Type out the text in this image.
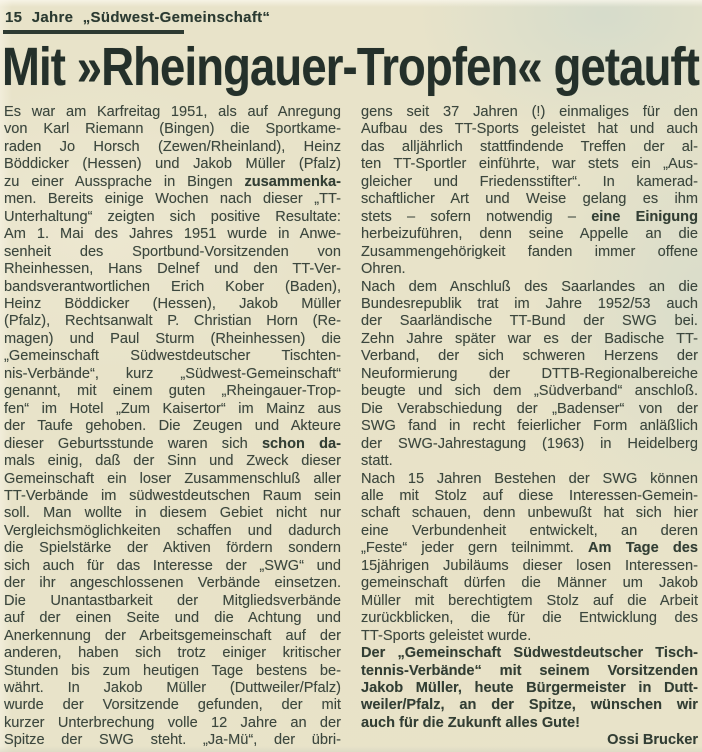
15 Jahre „Südwest-Gemeinschaft“
Mit »Rheingauer-Tropfen« getauft
Es war am Karfreitag 1951, als auf Anregung
von Karl Riemann (Bingen) die Sportkame-
raden Jo Horsch (Zewen/Rheinland), Heinz
Böddicker (Hessen) und Jakob Müller (Pfalz)
zu einer Aussprache in Bingen zusammenka-
men. Bereits einige Wochen nach dieser „TT-
Unterhaltung“ zeigten sich positive Resultate:
Am 1. Mai des Jahres 1951 wurde in Anwe-
senheit des Sportbund-Vorsitzenden von
Rheinhessen, Hans Delnef und den TT-Ver-
bandsverantwortlichen Erich Kober (Baden),
Heinz Böddicker (Hessen), Jakob Müller
(Pfalz), Rechtsanwalt P. Christian Horn (Re-
magen) und Paul Sturm (Rheinhessen) die
„Gemeinschaft Südwestdeutscher Tischten-
nis-Verbände“, kurz „Südwest-Gemeinschaft“
genannt, mit einem guten „Rheingauer-Trop-
fen“ im Hotel „Zum Kaisertor“ im Mainz aus
der Taufe gehoben. Die Zeugen und Akteure
dieser Geburtsstunde waren sich schon da-
mals einig, daß der Sinn und Zweck dieser
Gemeinschaft ein loser Zusammenschluß aller
TT-Verbände im südwestdeutschen Raum sein
soll. Man wollte in diesem Gebiet nicht nur
Vergleichsmöglichkeiten schaffen und dadurch
die Spielstärke der Aktiven fördern sondern
sich auch für das Interesse der „SWG“ und
der ihr angeschlossenen Verbände einsetzen.
Die Unantastbarkeit der Mitgliedsverbände
auf der einen Seite und die Achtung und
Anerkennung der Arbeitsgemeinschaft auf der
anderen, haben sich trotz einiger kritischer
Stunden bis zum heutigen Tage bestens be-
währt. In Jakob Müller (Duttweiler/Pfalz)
wurde der Vorsitzende gefunden, der mit
kurzer Unterbrechung volle 12 Jahre an der
Spitze der SWG steht. „Ja-Mü“, der übri-
gens seit 37 Jahren (!) einmaliges für den
Aufbau des TT-Sports geleistet hat und auch
das alljährlich stattfindende Treffen der al-
ten TT-Sportler einführte, war stets ein „Aus-
gleicher und Friedensstifter“. In kamerad-
schaftlicher Art und Weise gelang es ihm
stets – sofern notwendig – eine Einigung
herbeizuführen, denn seine Appelle an die
Zusammengehörigkeit fanden immer offene
Ohren.
Nach dem Anschluß des Saarlandes an die
Bundesrepublik trat im Jahre 1952/53 auch
der Saarländische TT-Bund der SWG bei.
Zehn Jahre später war es der Badische TT-
Verband, der sich schweren Herzens der
Neuformierung der DTTB-Regionalbereiche
beugte und sich dem „Südverband“ anschloß.
Die Verabschiedung der „Badenser“ von der
SWG fand in recht feierlicher Form anläßlich
der SWG-Jahrestagung (1963) in Heidelberg
statt.
Nach 15 Jahren Bestehen der SWG können
alle mit Stolz auf diese Interessen-Gemein-
schaft schauen, denn unbewußt hat sich hier
eine Verbundenheit entwickelt, an deren
„Feste“ jeder gern teilnimmt. Am Tage des
15jährigen Jubiläums dieser losen Interessen-
gemeinschaft dürfen die Männer um Jakob
Müller mit berechtigtem Stolz auf die Arbeit
zurückblicken, die für die Entwicklung des
TT-Sports geleistet wurde.
Der „Gemeinschaft Südwestdeutscher Tisch-
tennis-Verbände“ mit seinem Vorsitzenden
Jakob Müller, heute Bürgermeister in Dutt-
weiler/Pfalz, an der Spitze, wünschen wir
auch für die Zukunft alles Gute!
Ossi Brucker
